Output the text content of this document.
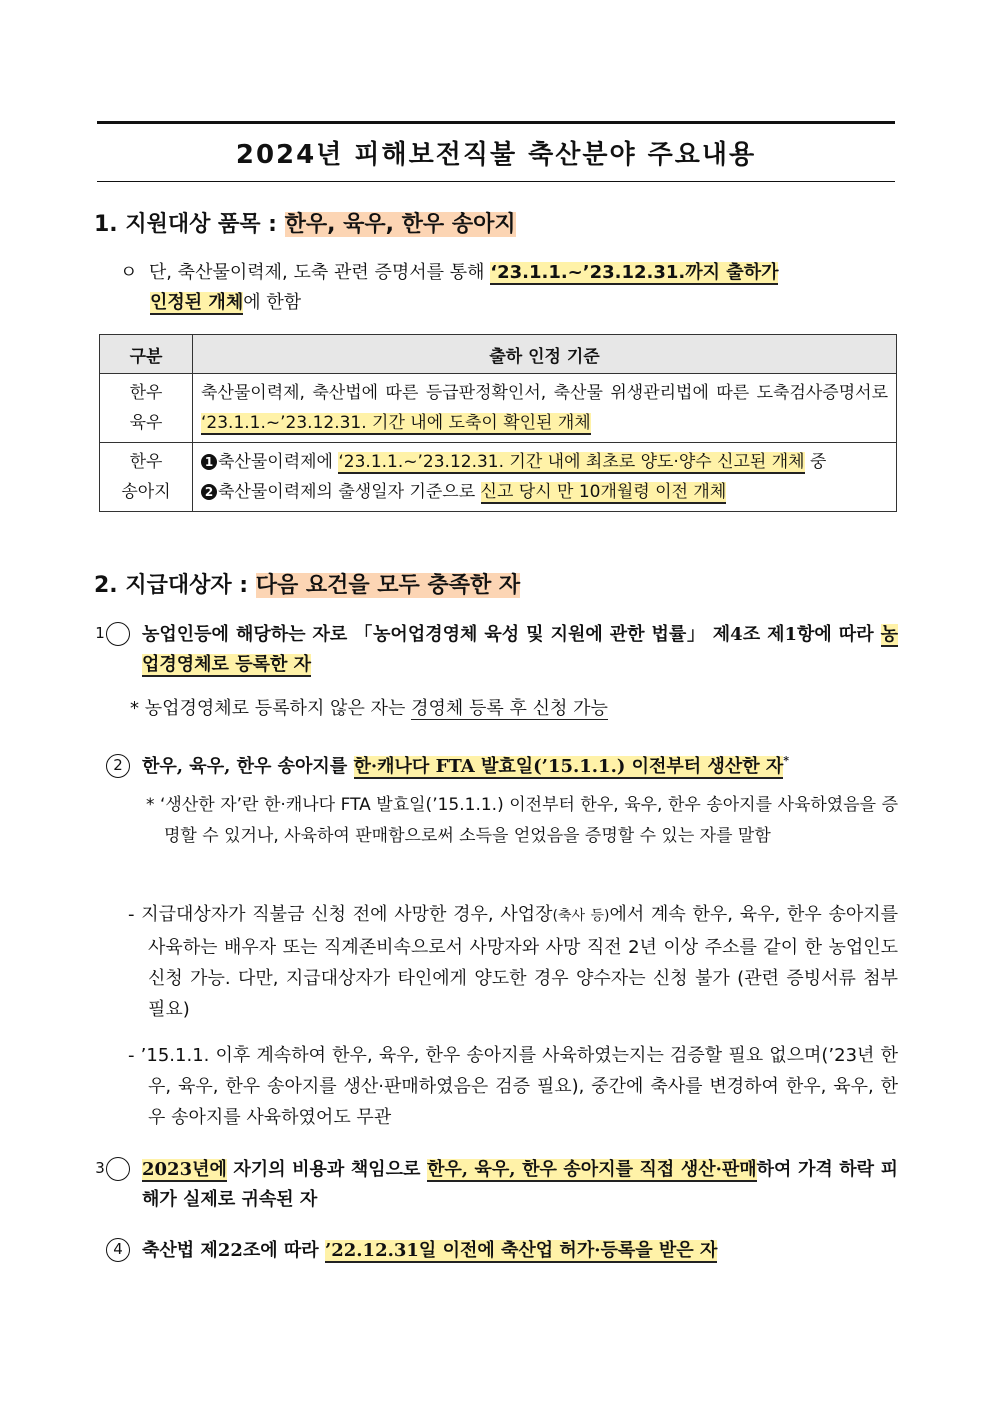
2024년 피해보전직불 축산분야 주요내용
1. 지원대상 품목 : 한우, 육우, 한우 송아지
ㅇ 단, 축산물이력제, 도축 관련 증명서를 통해 ‘23.1.1.~’23.12.31.까지 출하가
인정된 개체에 한함
구분	출하 인정 기준
한우
육우	축산물이력제, 축산법에 따른 등급판정확인서, 축산물 위생관리법에 따른 도축검사증명서로 ‘23.1.1.~’23.12.31. 기간 내에 도축이 확인된 개체
한우
송아지	1 축산물이력제에 ‘23.1.1.~’23.12.31. 기간 내에 최초로 양도·양수 신고된 개체 중
2 축산물이력제의 출생일자 기준으로 신고 당시 만 10개월령 이전 개체
2. 지급대상자 : 다음 요건을 모두 충족한 자
1 농업인등에 해당하는 자로 「농어업경영체 육성 및 지원에 관한 법률」 제4조 제1항에 따라 농업경영체로 등록한 자
* 농업경영체로 등록하지 않은 자는 경영체 등록 후 신청 가능
2 한우, 육우, 한우 송아지를 한·캐나다 FTA 발효일(’15.1.1.) 이전부터 생산한 자*
* ‘생산한 자’란 한·캐나다 FTA 발효일(’15.1.1.) 이전부터 한우, 육우, 한우 송아지를 사육하였음을 증명할 수 있거나, 사육하여 판매함으로써 소득을 얻었음을 증명할 수 있는 자를 말함
- 지급대상자가 직불금 신청 전에 사망한 경우, 사업장(축사 등)에서 계속 한우, 육우, 한우 송아지를 사육하는 배우자 또는 직계존비속으로서 사망자와 사망 직전 2년 이상 주소를 같이 한 농업인도 신청 가능. 다만, 지급대상자가 타인에게 양도한 경우 양수자는 신청 불가 (관련 증빙서류 첨부 필요)
- ’15.1.1. 이후 계속하여 한우, 육우, 한우 송아지를 사육하였는지는 검증할 필요 없으며(’23년 한우, 육우, 한우 송아지를 생산·판매하였음은 검증 필요), 중간에 축사를 변경하여 한우, 육우, 한우 송아지를 사육하였어도 무관
3 2023년에 자기의 비용과 책임으로 한우, 육우, 한우 송아지를 직접 생산·판매하여 가격 하락 피해가 실제로 귀속된 자
4 축산법 제22조에 따라 ’22.12.31일 이전에 축산업 허가·등록을 받은 자
